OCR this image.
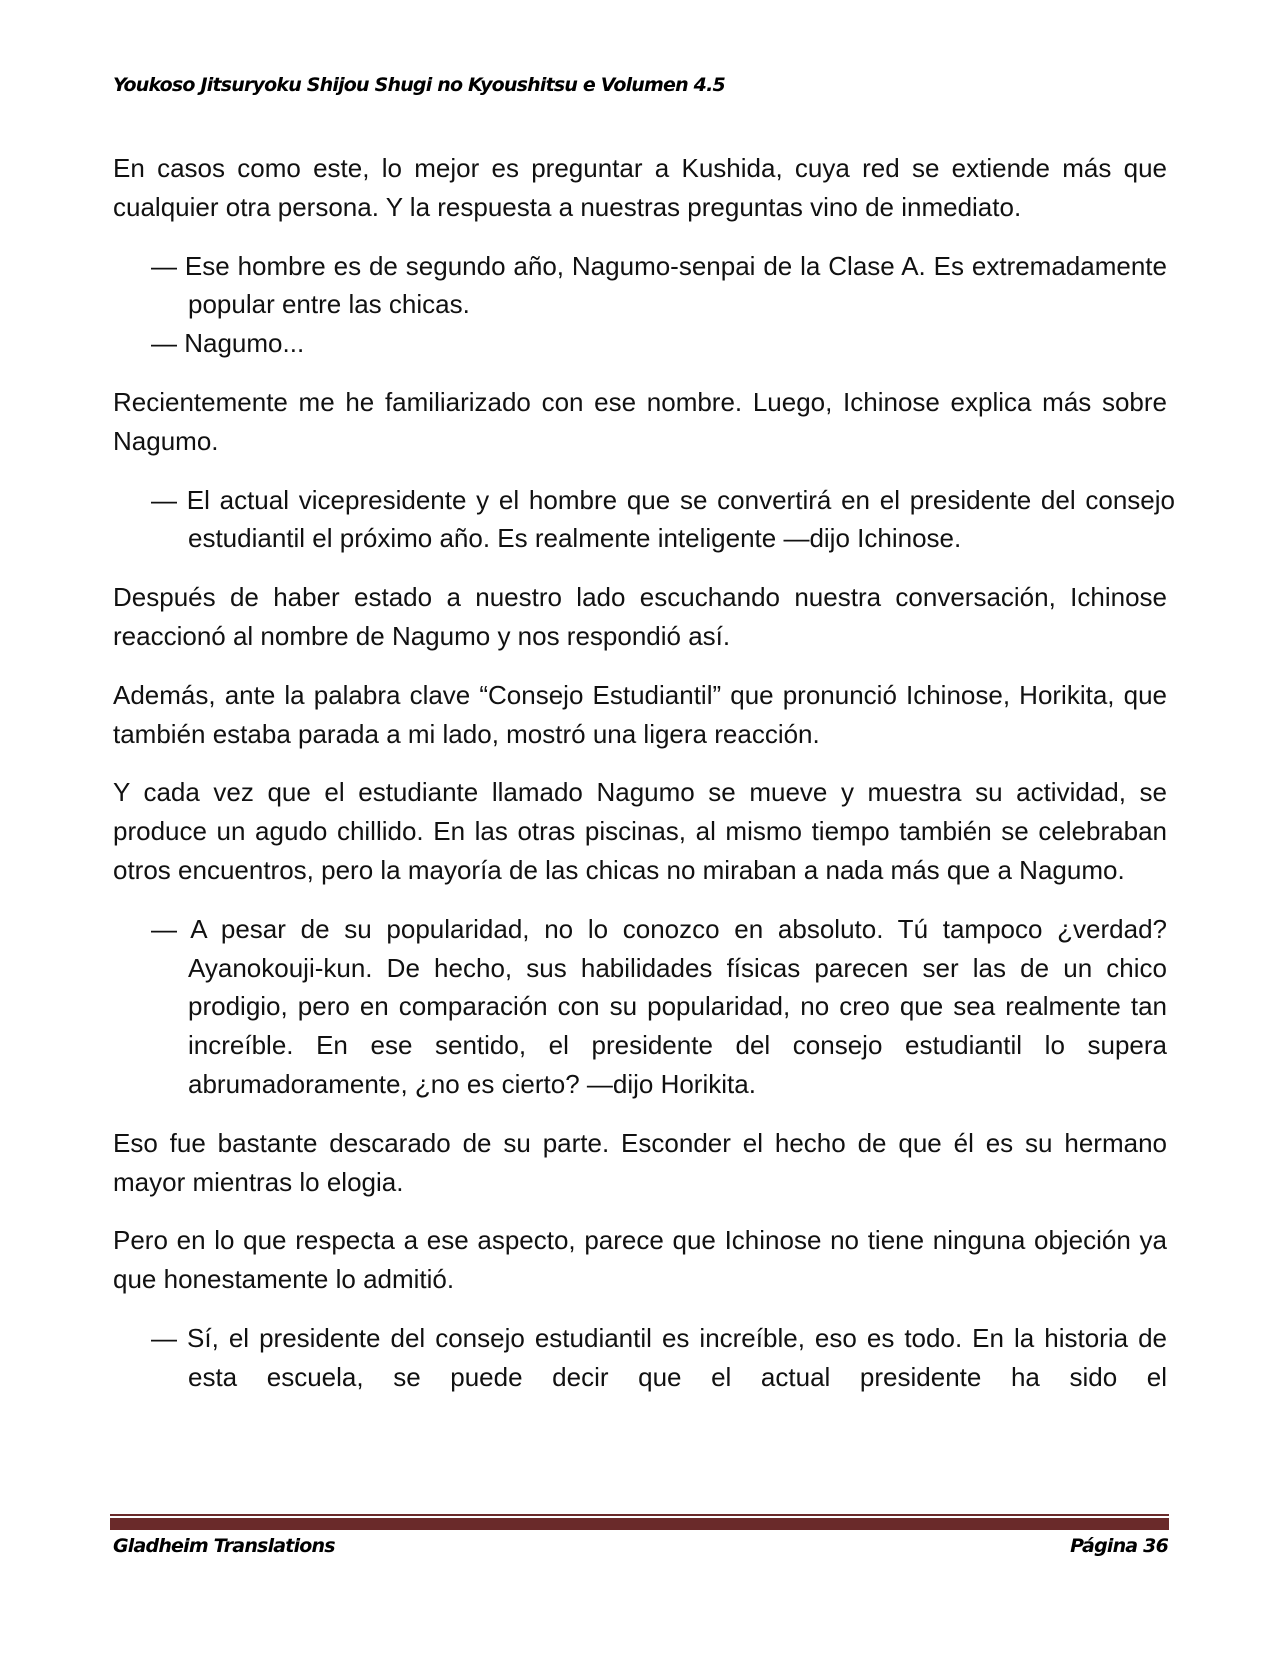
Youkoso Jitsuryoku Shijou Shugi no Kyoushitsu e Volumen 4.5

En casos como este, lo mejor es preguntar a Kushida, cuya red se extiende más que cualquier otra persona. Y la respuesta a nuestras preguntas vino de inmediato.

— Ese hombre es de segundo año, Nagumo-senpai de la Clase A. Es extremadamente popular entre las chicas.

— Nagumo...

Recientemente me he familiarizado con ese nombre. Luego, Ichinose explica más sobre Nagumo.

— El actual vicepresidente y el hombre que se convertirá en el presidente del consejo estudiantil el próximo año. Es realmente inteligente —dijo Ichinose.

Después de haber estado a nuestro lado escuchando nuestra conversación, Ichinose reaccionó al nombre de Nagumo y nos respondió así.

Además, ante la palabra clave “Consejo Estudiantil” que pronunció Ichinose, Horikita, que también estaba parada a mi lado, mostró una ligera reacción.

Y cada vez que el estudiante llamado Nagumo se mueve y muestra su actividad, se produce un agudo chillido. En las otras piscinas, al mismo tiempo también se celebraban otros encuentros, pero la mayoría de las chicas no miraban a nada más que a Nagumo.

— A pesar de su popularidad, no lo conozco en absoluto. Tú tampoco ¿verdad? Ayanokouji-kun. De hecho, sus habilidades físicas parecen ser las de un chico prodigio, pero en comparación con su popularidad, no creo que sea realmente tan increíble. En ese sentido, el presidente del consejo estudiantil lo supera abrumadoramente, ¿no es cierto? —dijo Horikita.

Eso fue bastante descarado de su parte. Esconder el hecho de que él es su hermano mayor mientras lo elogia.

Pero en lo que respecta a ese aspecto, parece que Ichinose no tiene ninguna objeción ya que honestamente lo admitió.

— Sí, el presidente del consejo estudiantil es increíble, eso es todo. En la historia de esta escuela, se puede decir que el actual presidente ha sido el

Gladheim Translations	Página 36
